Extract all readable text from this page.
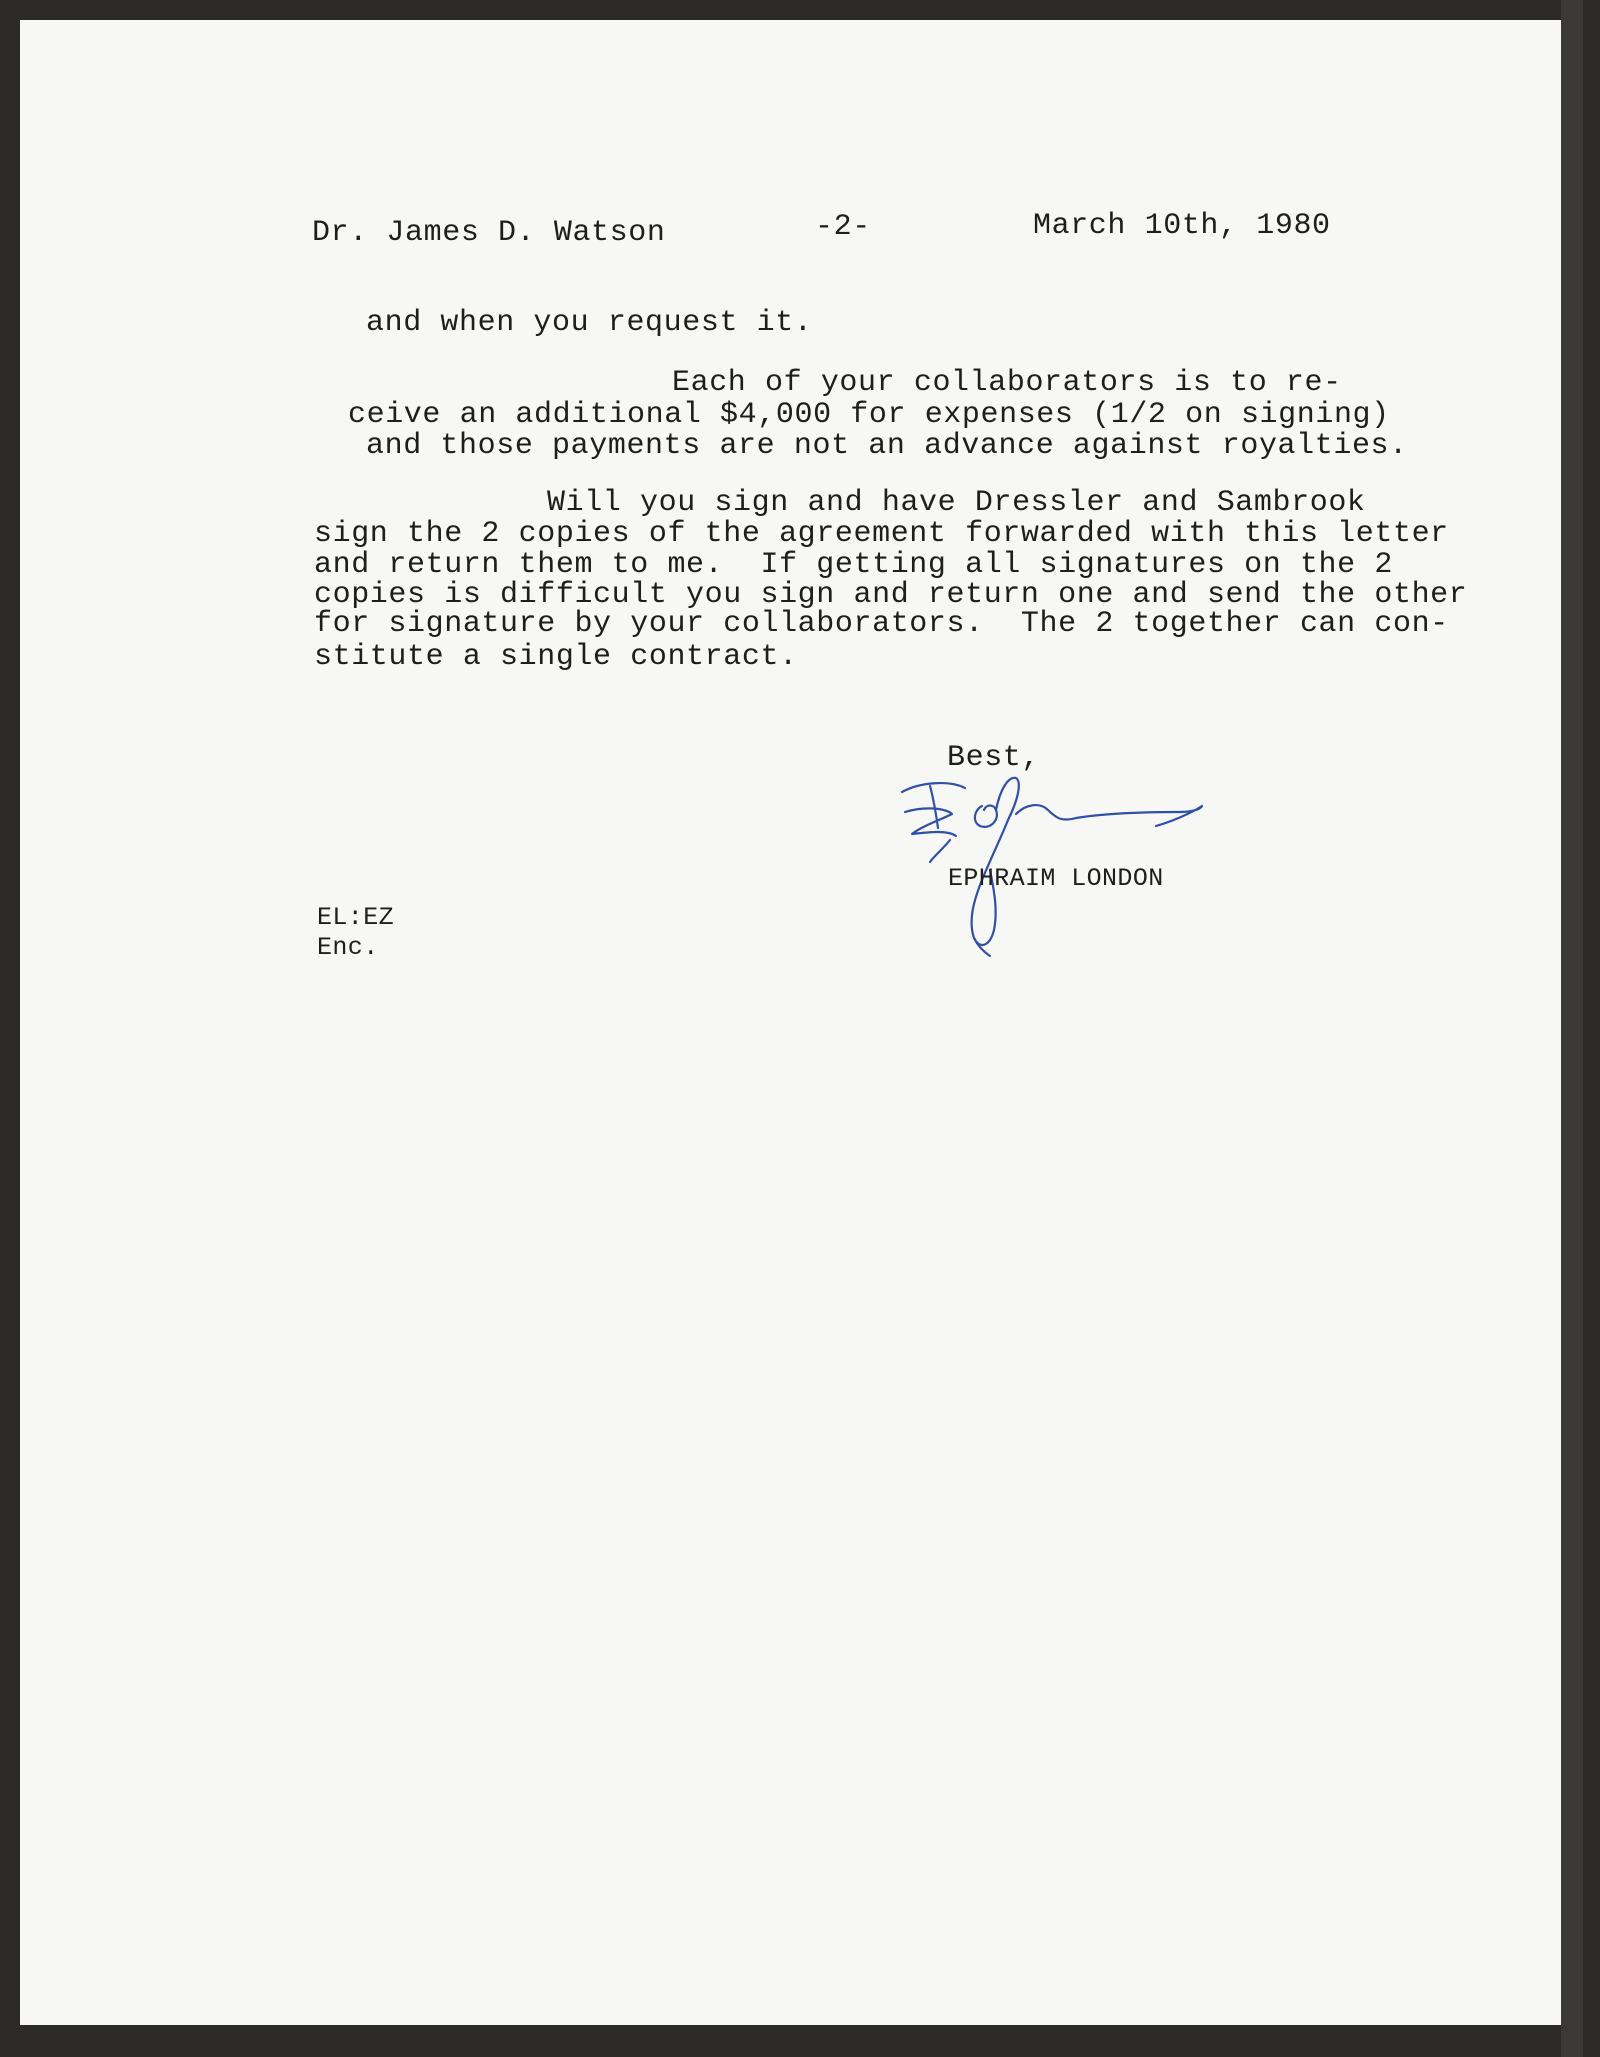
Dr. James D. Watson	-2-	March 10th, 1980
and when you request it.
Each of your collaborators is to re-
ceive an additional $4,000 for expenses (1/2 on signing)
and those payments are not an advance against royalties.
Will you sign and have Dressler and Sambrook
sign the 2 copies of the agreement forwarded with this letter
and return them to me.  If getting all signatures on the 2
copies is difficult you sign and return one and send the other
for signature by your collaborators.  The 2 together can con-
stitute a single contract.
Best,
EPHRAIM LONDON
EL:EZ
Enc.
